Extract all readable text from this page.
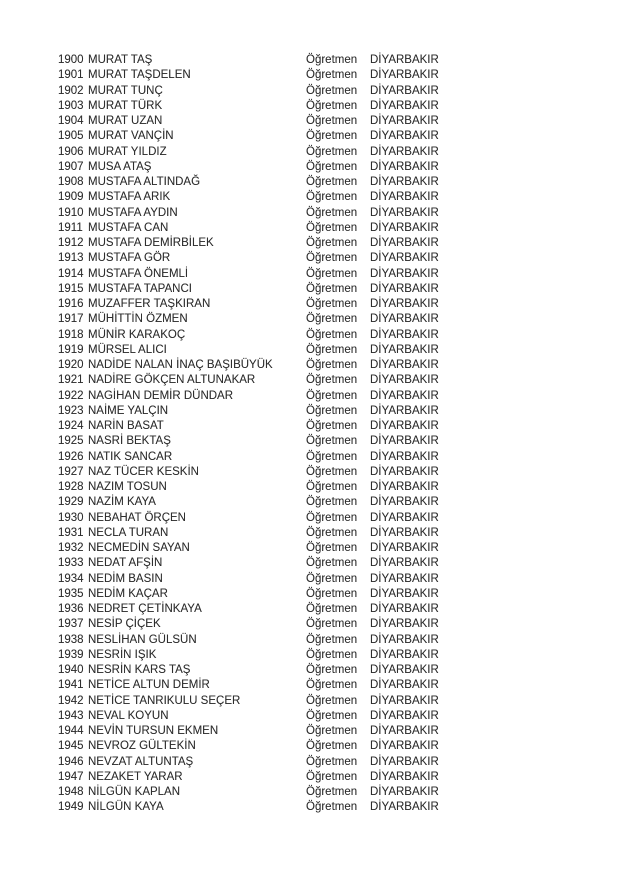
1900 MURAT TAŞ	Öğretmen	DİYARBAKIR
1901 MURAT TAŞDELEN	Öğretmen	DİYARBAKIR
1902 MURAT TUNÇ	Öğretmen	DİYARBAKIR
1903 MURAT TÜRK	Öğretmen	DİYARBAKIR
1904 MURAT UZAN	Öğretmen	DİYARBAKIR
1905 MURAT VANÇİN	Öğretmen	DİYARBAKIR
1906 MURAT YILDIZ	Öğretmen	DİYARBAKIR
1907 MUSA ATAŞ	Öğretmen	DİYARBAKIR
1908 MUSTAFA ALTINDAĞ	Öğretmen	DİYARBAKIR
1909 MUSTAFA ARIK	Öğretmen	DİYARBAKIR
1910 MUSTAFA AYDIN	Öğretmen	DİYARBAKIR
1911 MUSTAFA CAN	Öğretmen	DİYARBAKIR
1912 MUSTAFA DEMİRBİLEK	Öğretmen	DİYARBAKIR
1913 MUSTAFA GÖR	Öğretmen	DİYARBAKIR
1914 MUSTAFA ÖNEMLİ	Öğretmen	DİYARBAKIR
1915 MUSTAFA TAPANCI	Öğretmen	DİYARBAKIR
1916 MUZAFFER TAŞKIRAN	Öğretmen	DİYARBAKIR
1917 MÜHİTTİN ÖZMEN	Öğretmen	DİYARBAKIR
1918 MÜNİR KARAKOÇ	Öğretmen	DİYARBAKIR
1919 MÜRSEL ALICI	Öğretmen	DİYARBAKIR
1920 NADİDE NALAN İNAÇ BAŞIBÜYÜK	Öğretmen	DİYARBAKIR
1921 NADİRE GÖKÇEN ALTUNAKAR	Öğretmen	DİYARBAKIR
1922 NAGİHAN DEMİR DÜNDAR	Öğretmen	DİYARBAKIR
1923 NAİME YALÇIN	Öğretmen	DİYARBAKIR
1924 NARİN BASAT	Öğretmen	DİYARBAKIR
1925 NASRİ BEKTAŞ	Öğretmen	DİYARBAKIR
1926 NATIK SANCAR	Öğretmen	DİYARBAKIR
1927 NAZ TÜCER KESKİN	Öğretmen	DİYARBAKIR
1928 NAZIM TOSUN	Öğretmen	DİYARBAKIR
1929 NAZİM KAYA	Öğretmen	DİYARBAKIR
1930 NEBAHAT ÖRÇEN	Öğretmen	DİYARBAKIR
1931 NECLA TURAN	Öğretmen	DİYARBAKIR
1932 NECMEDİN SAYAN	Öğretmen	DİYARBAKIR
1933 NEDAT AFŞİN	Öğretmen	DİYARBAKIR
1934 NEDİM BASIN	Öğretmen	DİYARBAKIR
1935 NEDİM KAÇAR	Öğretmen	DİYARBAKIR
1936 NEDRET ÇETİNKAYA	Öğretmen	DİYARBAKIR
1937 NESİP ÇİÇEK	Öğretmen	DİYARBAKIR
1938 NESLİHAN GÜLSÜN	Öğretmen	DİYARBAKIR
1939 NESRİN IŞIK	Öğretmen	DİYARBAKIR
1940 NESRİN KARS TAŞ	Öğretmen	DİYARBAKIR
1941 NETİCE ALTUN DEMİR	Öğretmen	DİYARBAKIR
1942 NETİCE TANRIKULU SEÇER	Öğretmen	DİYARBAKIR
1943 NEVAL KOYUN	Öğretmen	DİYARBAKIR
1944 NEVİN TURSUN EKMEN	Öğretmen	DİYARBAKIR
1945 NEVROZ GÜLTEKİN	Öğretmen	DİYARBAKIR
1946 NEVZAT ALTUNTAŞ	Öğretmen	DİYARBAKIR
1947 NEZAKET YARAR	Öğretmen	DİYARBAKIR
1948 NİLGÜN KAPLAN	Öğretmen	DİYARBAKIR
1949 NİLGÜN KAYA	Öğretmen	DİYARBAKIR
